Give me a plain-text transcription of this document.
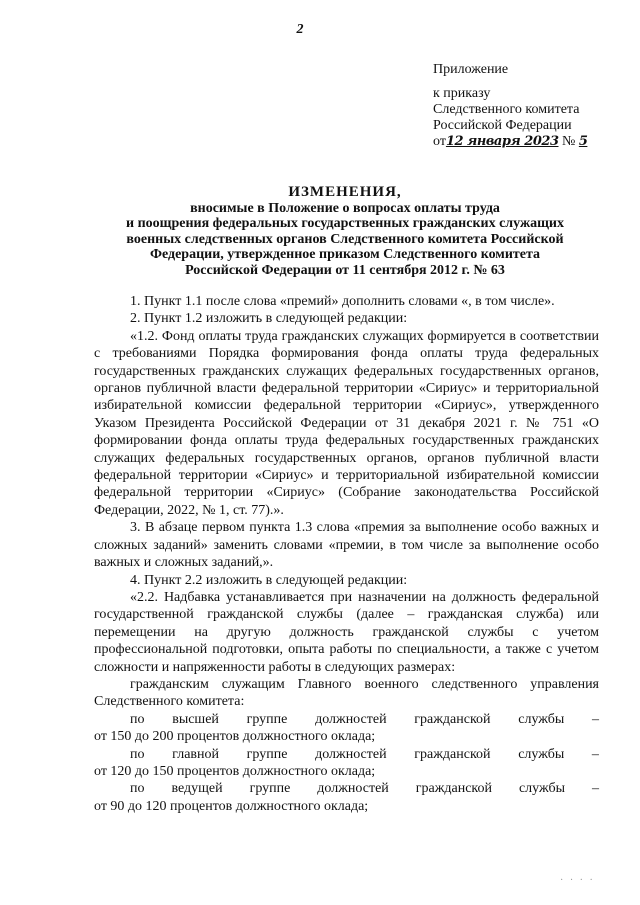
2
Приложение
к приказу
Следственного комитета
Российской Федерации
от12 января 2023 № 5
ИЗМЕНЕНИЯ,
вносимые в Положение о вопросах оплаты труда
и поощрения федеральных государственных гражданских служащих
военных следственных органов Следственного комитета Российской
Федерации, утвержденное приказом Следственного комитета
Российской Федерации от 11 сентября 2012 г. № 63

1. Пункт 1.1 после слова «премий» дополнить словами «, в том числе».

2. Пункт 1.2 изложить в следующей редакции:

«1.2. Фонд оплаты труда гражданских служащих формируется в соответствии с требованиями Порядка формирования фонда оплаты труда федеральных государственных гражданских служащих федеральных государственных органов, органов публичной власти федеральной территории «Сириус» и территориальной избирательной комиссии федеральной территории «Сириус», утвержденного Указом Президента Российской Федерации от 31 декабря 2021 г. № 751 «О формировании фонда оплаты труда федеральных государственных гражданских служащих федеральных государственных органов, органов публичной власти федеральной территории «Сириус» и территориальной избирательной комиссии федеральной территории «Сириус» (Собрание законодательства Российской Федерации, 2022, № 1, ст. 77).».

3. В абзаце первом пункта 1.3 слова «премия за выполнение особо важных и сложных заданий» заменить словами «премии, в том числе за выполнение особо важных и сложных заданий,».

4. Пункт 2.2 изложить в следующей редакции:

«2.2. Надбавка устанавливается при назначении на должность федеральной государственной гражданской службы (далее – гражданская служба) или перемещении на другую должность гражданской службы с учетом профессиональной подготовки, опыта работы по специальности, а также с учетом сложности и напряженности работы в следующих размерах:

гражданским служащим Главного военного следственного управления Следственного комитета:

по высшей группе должностей гражданской службы –
от 150 до 200 процентов должностного оклада;

по главной группе должностей гражданской службы –
от 120 до 150 процентов должностного оклада;

по ведущей группе должностей гражданской службы –
от 90 до 120 процентов должностного оклада;

· · · ·
